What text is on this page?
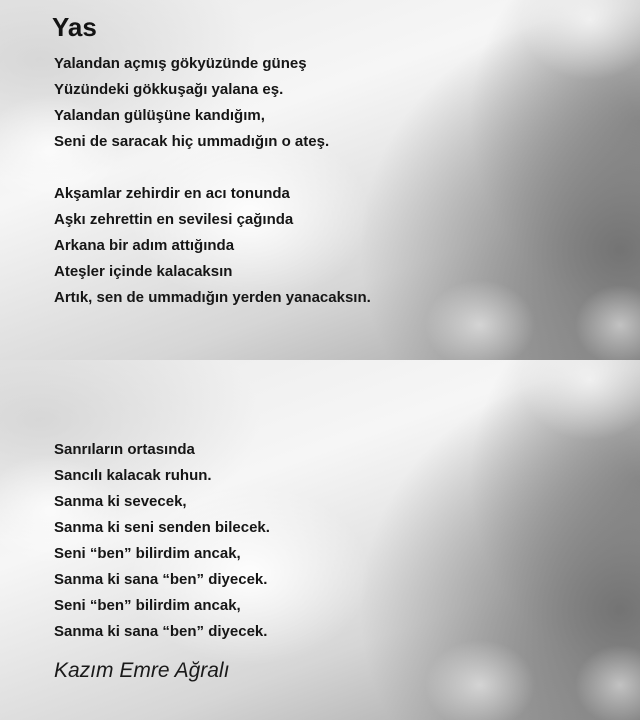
Yas
Yalandan açmış gökyüzünde güneş
Yüzündeki gökkuşağı yalana eş.
Yalandan gülüşüne kandığım,
Seni de saracak hiç ummadığın o ateş.
Akşamlar zehirdir en acı tonunda
Aşkı zehrettin en sevilesi çağında
Arkana bir adım attığında
Ateşler içinde kalacaksın
Artık, sen de ummadığın yerden yanacaksın.
Sanrıların ortasında
Sancılı kalacak ruhun.
Sanma ki sevecek,
Sanma ki seni senden bilecek.
Seni “ben” bilirdim ancak,
Sanma ki sana “ben” diyecek.
Seni “ben” bilirdim ancak,
Sanma ki sana “ben” diyecek.

Kazım Emre Ağralı
